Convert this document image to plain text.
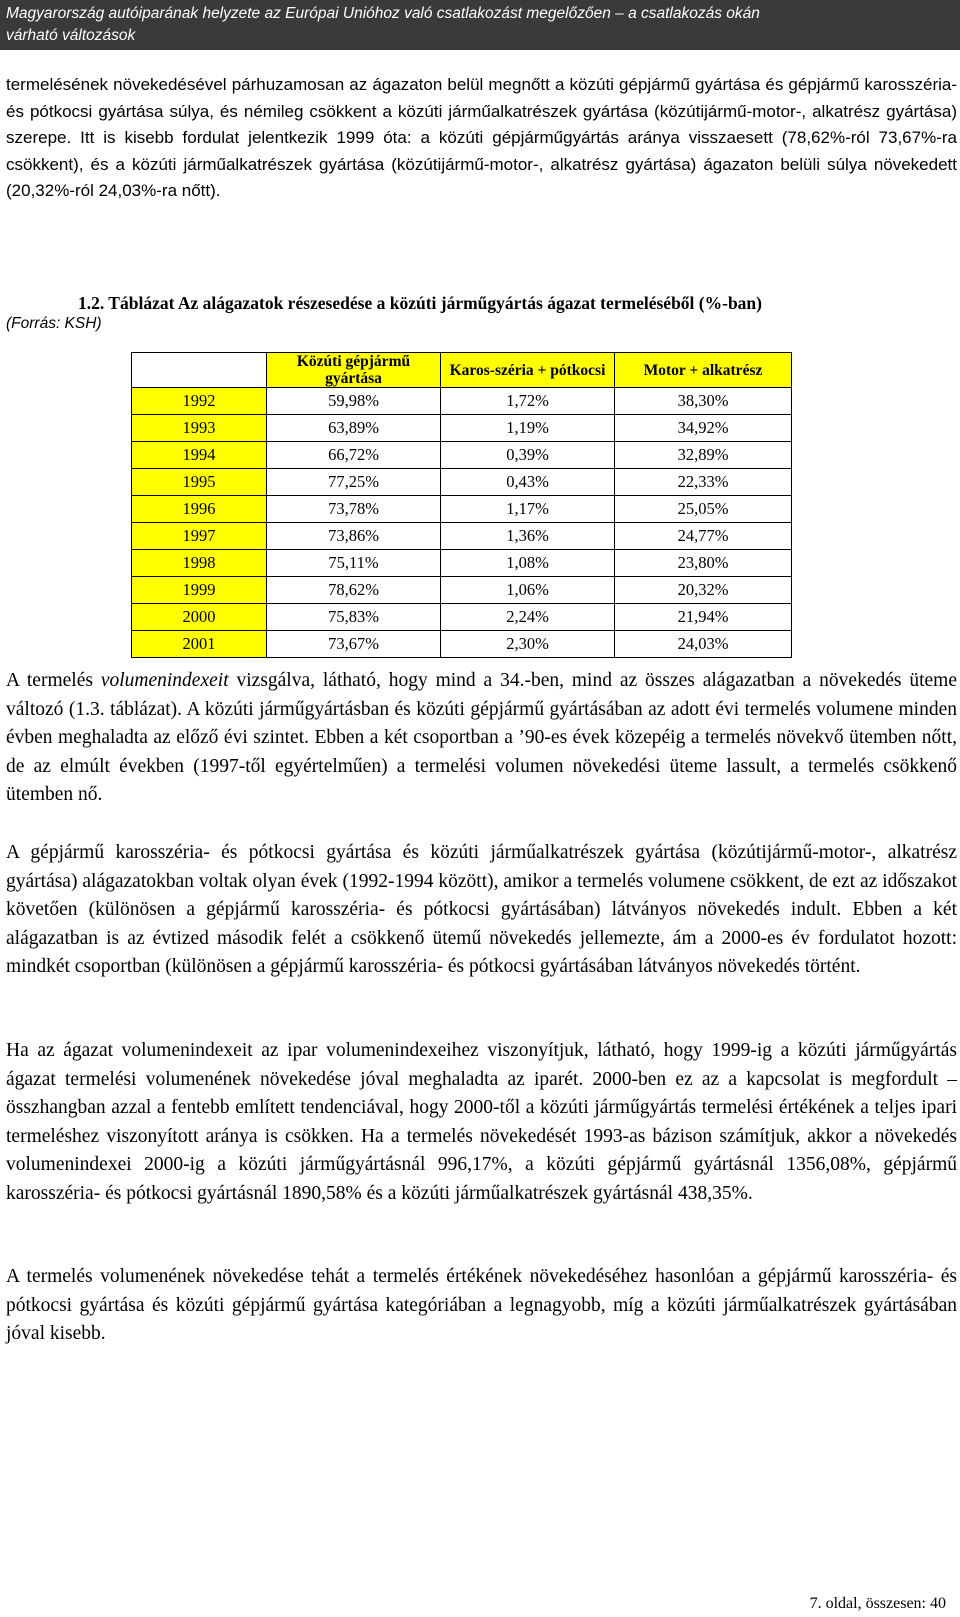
Magyarország autóiparának helyzete az Európai Unióhoz való csatlakozást megelőzően – a csatlakozás okán
várható változások
termelésének növekedésével párhuzamosan az ágazaton belül megnőtt a közúti gépjármű gyártása és gépjármű karosszéria- és pótkocsi gyártása súlya, és némileg csökkent a közúti járműalkatrészek gyártása (közútijármű-motor-, alkatrész gyártása) szerepe. Itt is kisebb fordulat jelentkezik 1999 óta: a közúti gépjárműgyártás aránya visszaesett (78,62%-ról 73,67%-ra csökkent), és a közúti járműalkatrészek gyártása (közútijármű-motor-, alkatrész gyártása) ágazaton belüli súlya növekedett (20,32%-ról 24,03%-ra nőtt).
1.2. Táblázat Az alágazatok részesedése a közúti járműgyártás ágazat termeléséből (%-ban)
(Forrás: KSH)
	Közúti gépjármű gyártása	Karos-széria + pótkocsi	Motor + alkatrész
1992	59,98%	1,72%	38,30%
1993	63,89%	1,19%	34,92%
1994	66,72%	0,39%	32,89%
1995	77,25%	0,43%	22,33%
1996	73,78%	1,17%	25,05%
1997	73,86%	1,36%	24,77%
1998	75,11%	1,08%	23,80%
1999	78,62%	1,06%	20,32%
2000	75,83%	2,24%	21,94%
2001	73,67%	2,30%	24,03%
A termelés volumenindexeit vizsgálva, látható, hogy mind a 34.-ben, mind az összes alágazatban a növekedés üteme változó (1.3. táblázat). A közúti járműgyártásban és közúti gépjármű gyártásában az adott évi termelés volumene minden évben meghaladta az előző évi szintet. Ebben a két csoportban a ’90-es évek közepéig a termelés növekvő ütemben nőtt, de az elmúlt években (1997-től egyértelműen) a termelési volumen növekedési üteme lassult, a termelés csökkenő ütemben nő.
A gépjármű karosszéria- és pótkocsi gyártása és közúti járműalkatrészek gyártása (közútijármű-motor-, alkatrész gyártása) alágazatokban voltak olyan évek (1992-1994 között), amikor a termelés volumene csökkent, de ezt az időszakot követően (különösen a gépjármű karosszéria- és pótkocsi gyártásában) látványos növekedés indult. Ebben a két alágazatban is az évtized második felét a csökkenő ütemű növekedés jellemezte, ám a 2000-es év fordulatot hozott: mindkét csoportban (különösen a gépjármű karosszéria- és pótkocsi gyártásában látványos növekedés történt.
Ha az ágazat volumenindexeit az ipar volumenindexeihez viszonyítjuk, látható, hogy 1999-ig a közúti járműgyártás ágazat termelési volumenének növekedése jóval meghaladta az iparét. 2000-ben ez az a kapcsolat is megfordult – összhangban azzal a fentebb említett tendenciával, hogy 2000-től a közúti járműgyártás termelési értékének a teljes ipari termeléshez viszonyított aránya is csökken. Ha a termelés növekedését 1993-as bázison számítjuk, akkor a növekedés volumenindexei 2000-ig a közúti járműgyártásnál 996,17%, a közúti gépjármű gyártásnál 1356,08%, gépjármű karosszéria- és pótkocsi gyártásnál 1890,58% és a közúti járműalkatrészek gyártásnál 438,35%.
A termelés volumenének növekedése tehát a termelés értékének növekedéséhez hasonlóan a gépjármű karosszéria- és pótkocsi gyártása és közúti gépjármű gyártása kategóriában a legnagyobb, míg a közúti járműalkatrészek gyártásában jóval kisebb.
7. oldal, összesen: 40
